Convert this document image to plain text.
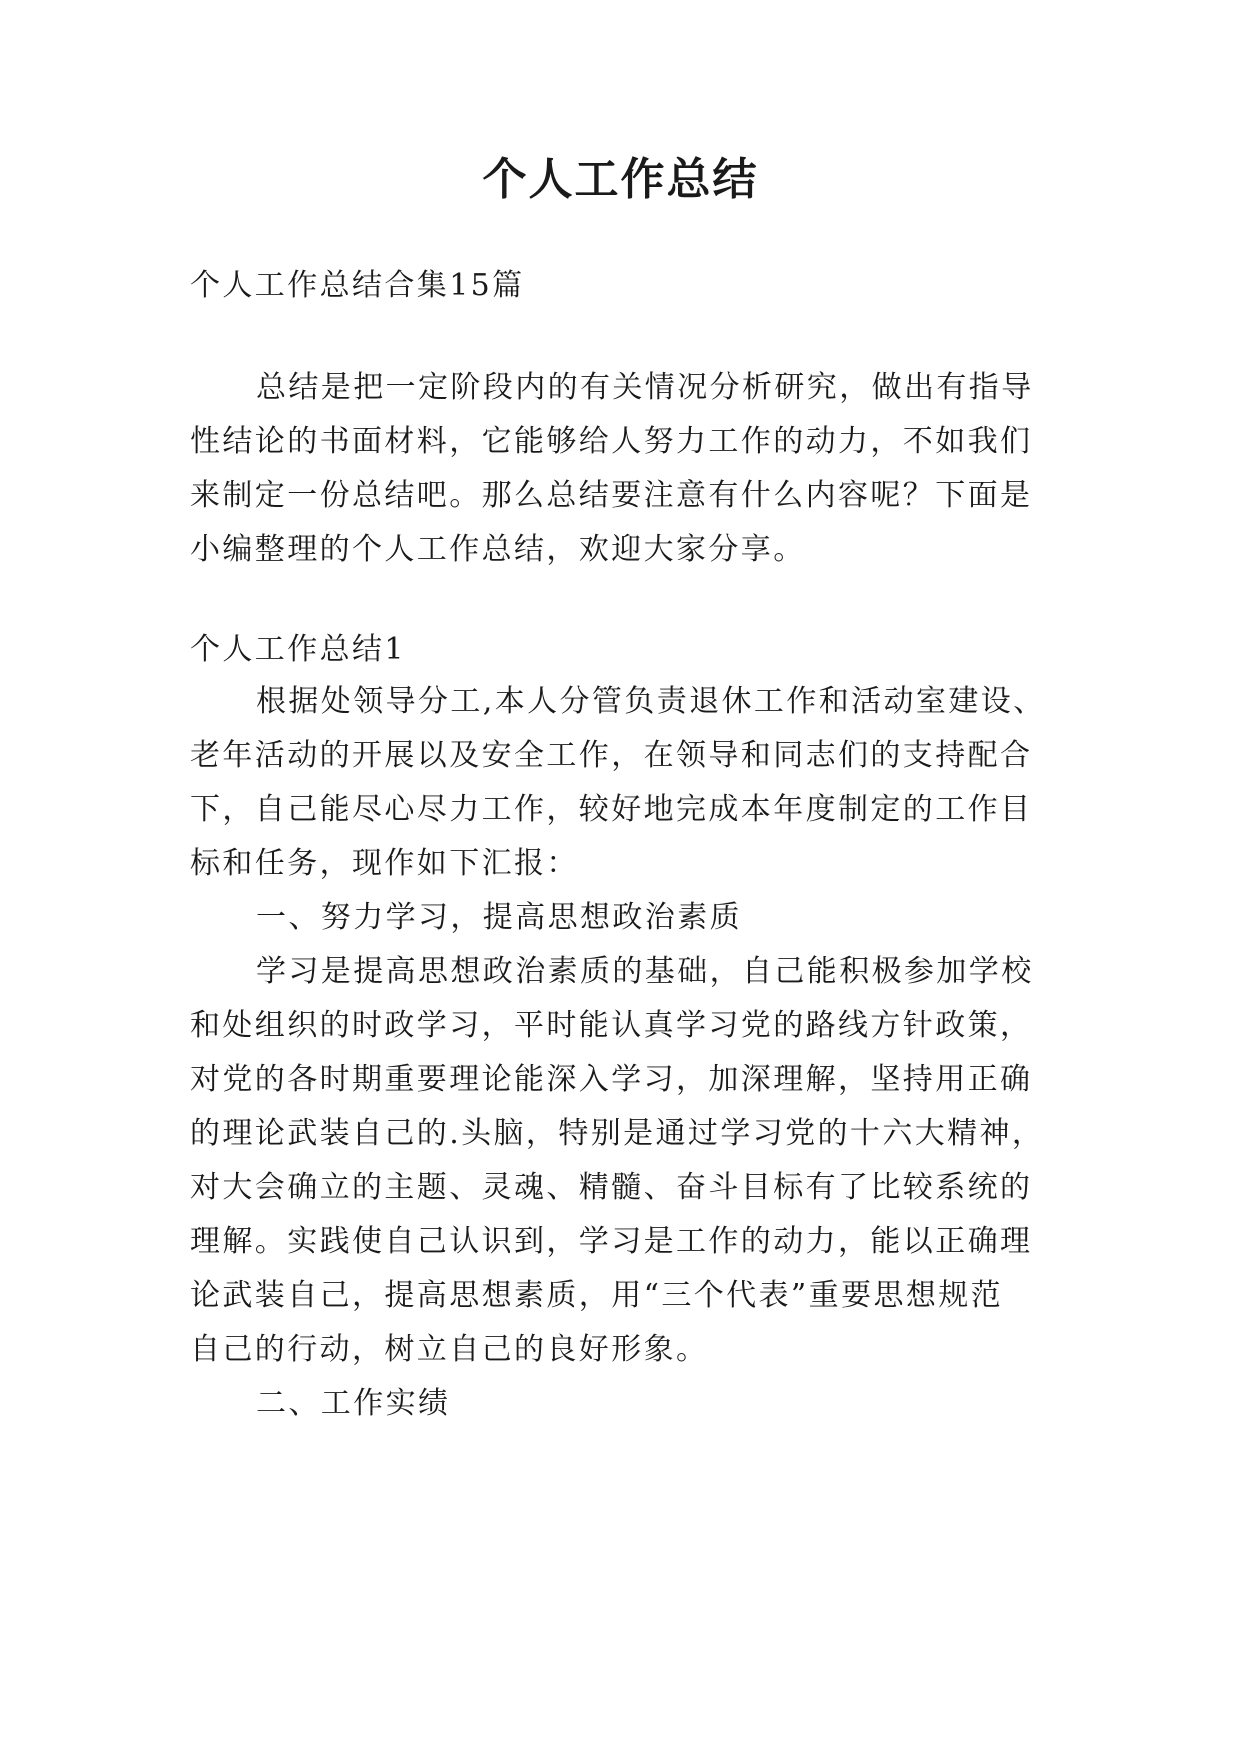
个人工作总结

个人工作总结合集15篇

总结是把一定阶段内的有关情况分析研究，做出有指导

性结论的书面材料，它能够给人努力工作的动力，不如我们

来制定一份总结吧。那么总结要注意有什么内容呢？下面是

小编整理的个人工作总结，欢迎大家分享。

个人工作总结1

根据处领导分工,本人分管负责退休工作和活动室建设、

老年活动的开展以及安全工作，在领导和同志们的支持配合

下，自己能尽心尽力工作，较好地完成本年度制定的工作目

标和任务，现作如下汇报：

一、努力学习，提高思想政治素质

学习是提高思想政治素质的基础，自己能积极参加学校

和处组织的时政学习，平时能认真学习党的路线方针政策，

对党的各时期重要理论能深入学习，加深理解，坚持用正确

的理论武装自己的.头脑，特别是通过学习党的十六大精神，

对大会确立的主题、灵魂、精髓、奋斗目标有了比较系统的

理解。实践使自己认识到，学习是工作的动力，能以正确理

论武装自己，提高思想素质，用“三个代表”重要思想规范

自己的行动，树立自己的良好形象。

二、工作实绩
